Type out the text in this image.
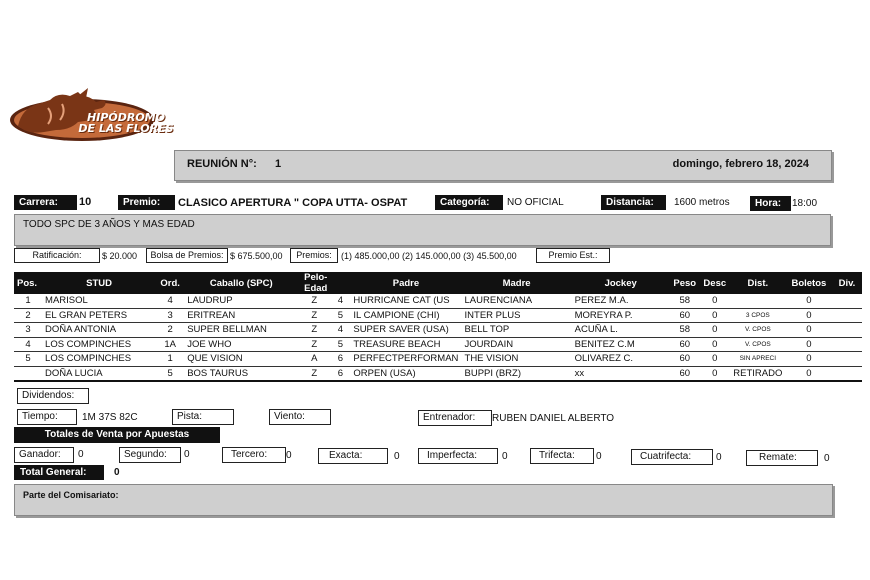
HIPÓDROMO
DE LAS FLORES
REUNIÓN N°: 1	domingo, febrero 18, 2024
Carrera:	10	Premio:	CLASICO APERTURA " COPA UTTA- OSPAT	Categoría:	NO OFICIAL	Distancia:	1600 metros	Hora:	18:00
TODO SPC DE 3 AÑOS Y MAS EDAD
Ratificación:	$ 20.000	Bolsa de Premios: $ 675.500,00	Premios:	(1) 485.000,00 (2) 145.000,00 (3) 45.500,00	Premio Est.:
Pos.	STUD	Ord.	Caballo (SPC)	Pelo-Edad		Padre	Madre	Jockey	Peso	Desc	Dist.	Boletos	Div.
1	MARISOL	4	LAUDRUP	Z	4	HURRICANE CAT (US	LAURENCIANA	PEREZ M.A.	58	0		0	
2	EL GRAN PETERS	3	ERITREAN	Z	5	IL CAMPIONE (CHI)	INTER PLUS	MOREYRA P.	60	0	3 CPOS	0	
3	DOÑA ANTONIA	2	SUPER BELLMAN	Z	4	SUPER SAVER (USA)	BELL TOP	ACUÑA L.	58	0	V. CPOS	0	
4	LOS COMPINCHES	1A	JOE WHO	Z	5	TREASURE BEACH	JOURDAIN	BENITEZ C.M	60	0	V. CPOS	0	
5	LOS COMPINCHES	1	QUE VISION	A	6	PERFECTPERFORMAN	THE VISION	OLIVAREZ C.	60	0	SIN APRECI	0	
	DOÑA LUCIA	5	BOS TAURUS	Z	6	ORPEN (USA)	BUPPI (BRZ)	xx	60	0	RETIRADO	0	
Dividendos:
Tiempo:	1M 37S 82C	Pista:	Viento:	Entrenador:	RUBEN DANIEL ALBERTO
Totales de Venta por Apuestas
Ganador:	0	Segundo:	0	Tercero:	0	Exacta:	0	Imperfecta:	0	Trifecta:	0	Cuatrifecta:	0	Remate:	0
Total General:	0
Parte del Comisariato:
